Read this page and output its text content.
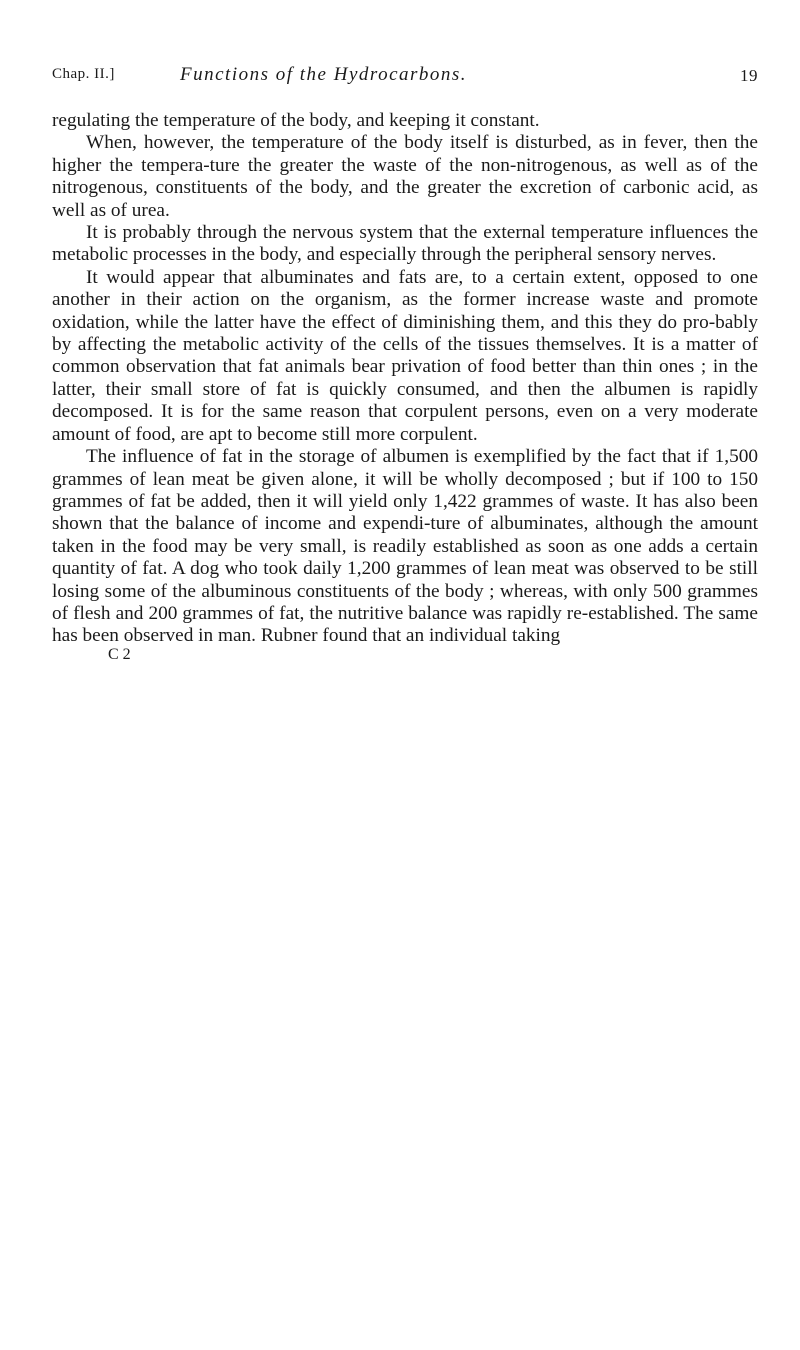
Chap. II.]	Functions of the Hydrocarbons.	19

regulating the temperature of the body, and keeping it constant.

When, however, the temperature of the body itself is disturbed, as in fever, then the higher the tempera-ture the greater the waste of the non-nitrogenous, as well as of the nitrogenous, constituents of the body, and the greater the excretion of carbonic acid, as well as of urea.

It is probably through the nervous system that the external temperature influences the metabolic processes in the body, and especially through the peripheral sensory nerves.

It would appear that albuminates and fats are, to a certain extent, opposed to one another in their action on the organism, as the former increase waste and promote oxidation, while the latter have the effect of diminishing them, and this they do pro-bably by affecting the metabolic activity of the cells of the tissues themselves. It is a matter of common observation that fat animals bear privation of food better than thin ones ; in the latter, their small store of fat is quickly consumed, and then the albumen is rapidly decomposed. It is for the same reason that corpulent persons, even on a very moderate amount of food, are apt to become still more corpulent.

The influence of fat in the storage of albumen is exemplified by the fact that if 1,500 grammes of lean meat be given alone, it will be wholly decomposed ; but if 100 to 150 grammes of fat be added, then it will yield only 1,422 grammes of waste. It has also been shown that the balance of income and expendi-ture of albuminates, although the amount taken in the food may be very small, is readily established as soon as one adds a certain quantity of fat. A dog who took daily 1,200 grammes of lean meat was observed to be still losing some of the albuminous constituents of the body ; whereas, with only 500 grammes of flesh and 200 grammes of fat, the nutritive balance was rapidly re-established. The same has been observed in man. Rubner found that an individual taking

C 2
